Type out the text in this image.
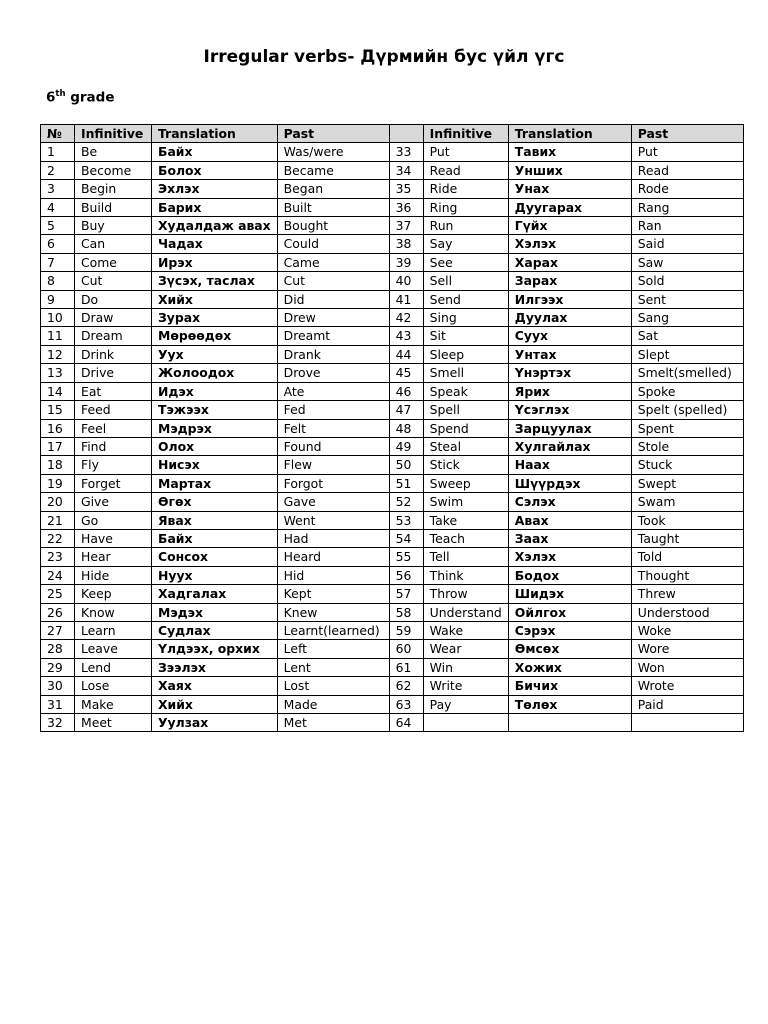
Irregular verbs- Дүрмийн бус үйл үгс

6th grade

№	Infinitive	Translation	Past		Infinitive	Translation	Past
1	Be	Байх	Was/were	33	Put	Тавих	Put
2	Become	Болох	Became	34	Read	Унших	Read
3	Begin	Эхлэх	Began	35	Ride	Унах	Rode
4	Build	Барих	Built	36	Ring	Дуугарах	Rang
5	Buy	Худалдаж авах	Bought	37	Run	Гүйх	Ran
6	Can	Чадах	Could	38	Say	Хэлэх	Said
7	Come	Ирэх	Came	39	See	Харах	Saw
8	Cut	Зүсэх, таслах	Cut	40	Sell	Зарах	Sold
9	Do	Хийх	Did	41	Send	Илгээх	Sent
10	Draw	Зурах	Drew	42	Sing	Дуулах	Sang
11	Dream	Мөрөөдөх	Dreamt	43	Sit	Суух	Sat
12	Drink	Уух	Drank	44	Sleep	Унтах	Slept
13	Drive	Жолоодох	Drove	45	Smell	Үнэртэх	Smelt(smelled)
14	Eat	Идэх	Ate	46	Speak	Ярих	Spoke
15	Feed	Тэжээх	Fed	47	Spell	Үсэглэх	Spelt (spelled)
16	Feel	Мэдрэх	Felt	48	Spend	Зарцуулах	Spent
17	Find	Олох	Found	49	Steal	Хулгайлах	Stole
18	Fly	Нисэх	Flew	50	Stick	Наах	Stuck
19	Forget	Мартах	Forgot	51	Sweep	Шүүрдэх	Swept
20	Give	Өгөх	Gave	52	Swim	Сэлэх	Swam
21	Go	Явах	Went	53	Take	Авах	Took
22	Have	Байх	Had	54	Teach	Заах	Taught
23	Hear	Сонсох	Heard	55	Tell	Хэлэх	Told
24	Hide	Нуух	Hid	56	Think	Бодох	Thought
25	Keep	Хадгалах	Kept	57	Throw	Шидэх	Threw
26	Know	Мэдэх	Knew	58	Understand	Ойлгох	Understood
27	Learn	Судлах	Learnt(learned)	59	Wake	Сэрэх	Woke
28	Leave	Үлдээх, орхих	Left	60	Wear	Өмсөх	Wore
29	Lend	Зээлэх	Lent	61	Win	Хожих	Won
30	Lose	Хаях	Lost	62	Write	Бичих	Wrote
31	Make	Хийх	Made	63	Pay	Төлөх	Paid
32	Meet	Уулзах	Met	64			
